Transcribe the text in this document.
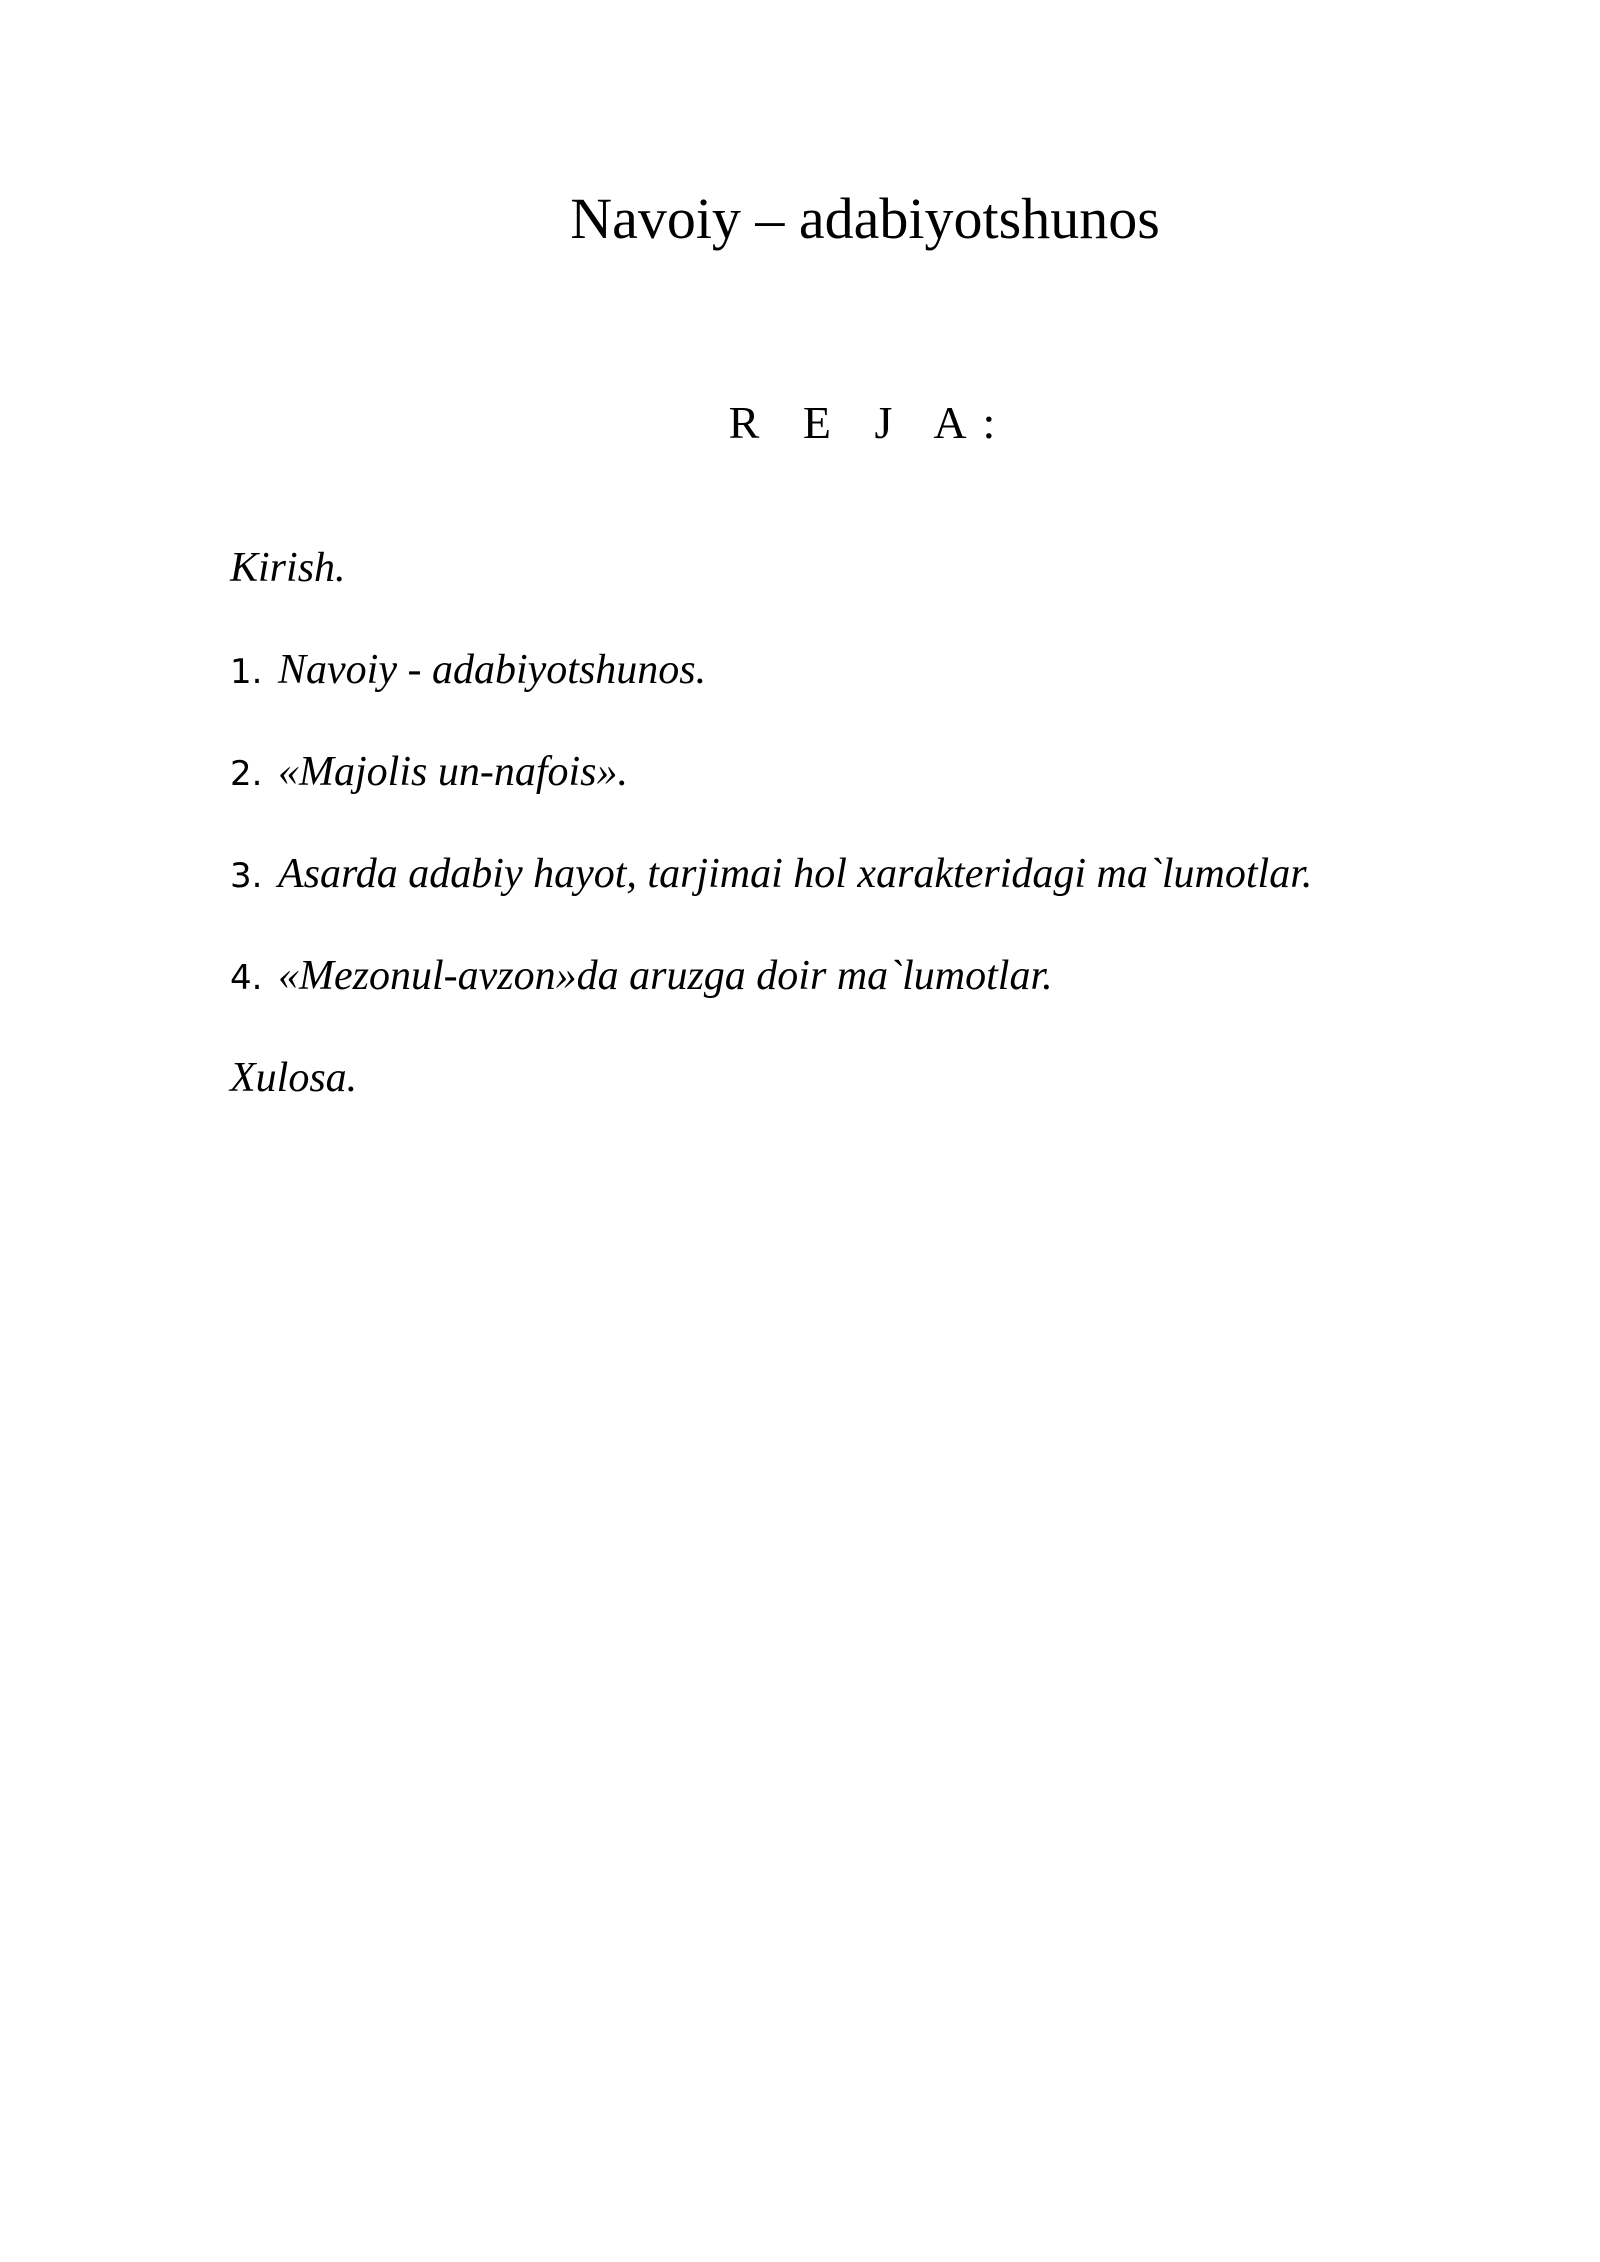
Navoiy – adabiyotshunos
R E J A:
Kirish.
1. Navoiy - adabiyotshunos.
2. «Majolis un-nafois».
3. Asarda adabiy hayot, tarjimai hol xarakteridagi ma`lumotlar.
4. «Mezonul-avzon»da aruzga doir ma`lumotlar.
Xulosa.
